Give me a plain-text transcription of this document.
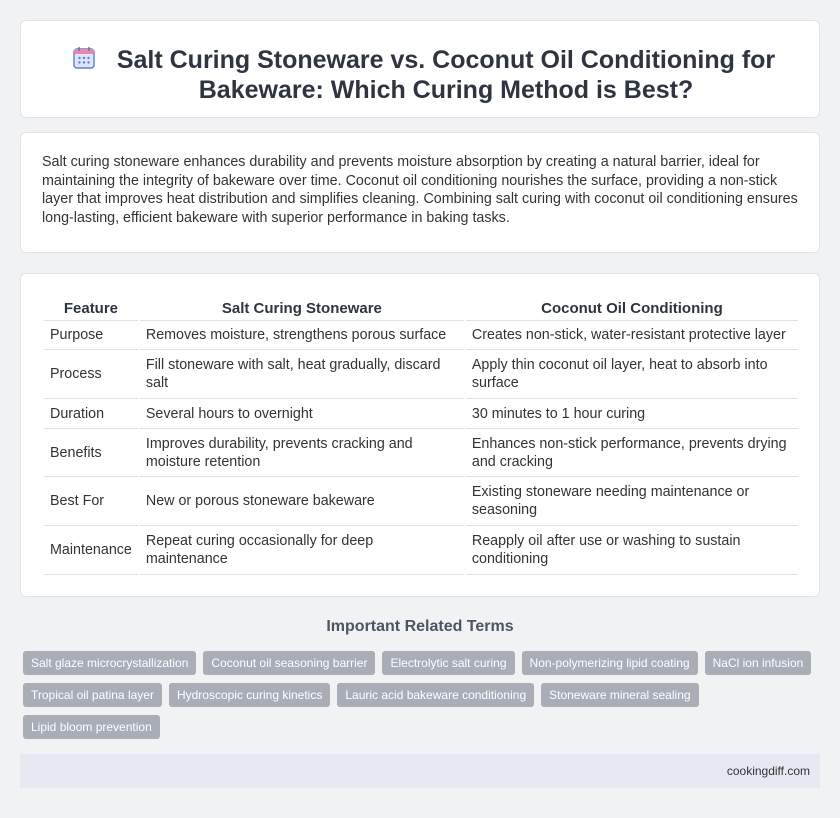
Salt Curing Stoneware vs. Coconut Oil Conditioning for Bakeware: Which Curing Method is Best?

Salt curing stoneware enhances durability and prevents moisture absorption by creating a natural barrier, ideal for maintaining the integrity of bakeware over time. Coconut oil conditioning nourishes the surface, providing a non-stick layer that improves heat distribution and simplifies cleaning. Combining salt curing with coconut oil conditioning ensures long-lasting, efficient bakeware with superior performance in baking tasks.

Feature	Salt Curing Stoneware	Coconut Oil Conditioning
Purpose	Removes moisture, strengthens porous surface	Creates non-stick, water-resistant protective layer
Process	Fill stoneware with salt, heat gradually, discard salt	Apply thin coconut oil layer, heat to absorb into surface
Duration	Several hours to overnight	30 minutes to 1 hour curing
Benefits	Improves durability, prevents cracking and moisture retention	Enhances non-stick performance, prevents drying and cracking
Best For	New or porous stoneware bakeware	Existing stoneware needing maintenance or seasoning
Maintenance	Repeat curing occasionally for deep maintenance	Reapply oil after use or washing to sustain conditioning
Important Related Terms
Salt glaze microcrystallization	Coconut oil seasoning barrier	Electrolytic salt curing	Non-polymerizing lipid coating	NaCl ion infusion
Tropical oil patina layer	Hydroscopic curing kinetics	Lauric acid bakeware conditioning	Stoneware mineral sealing
Lipid bloom prevention
cookingdiff.com
